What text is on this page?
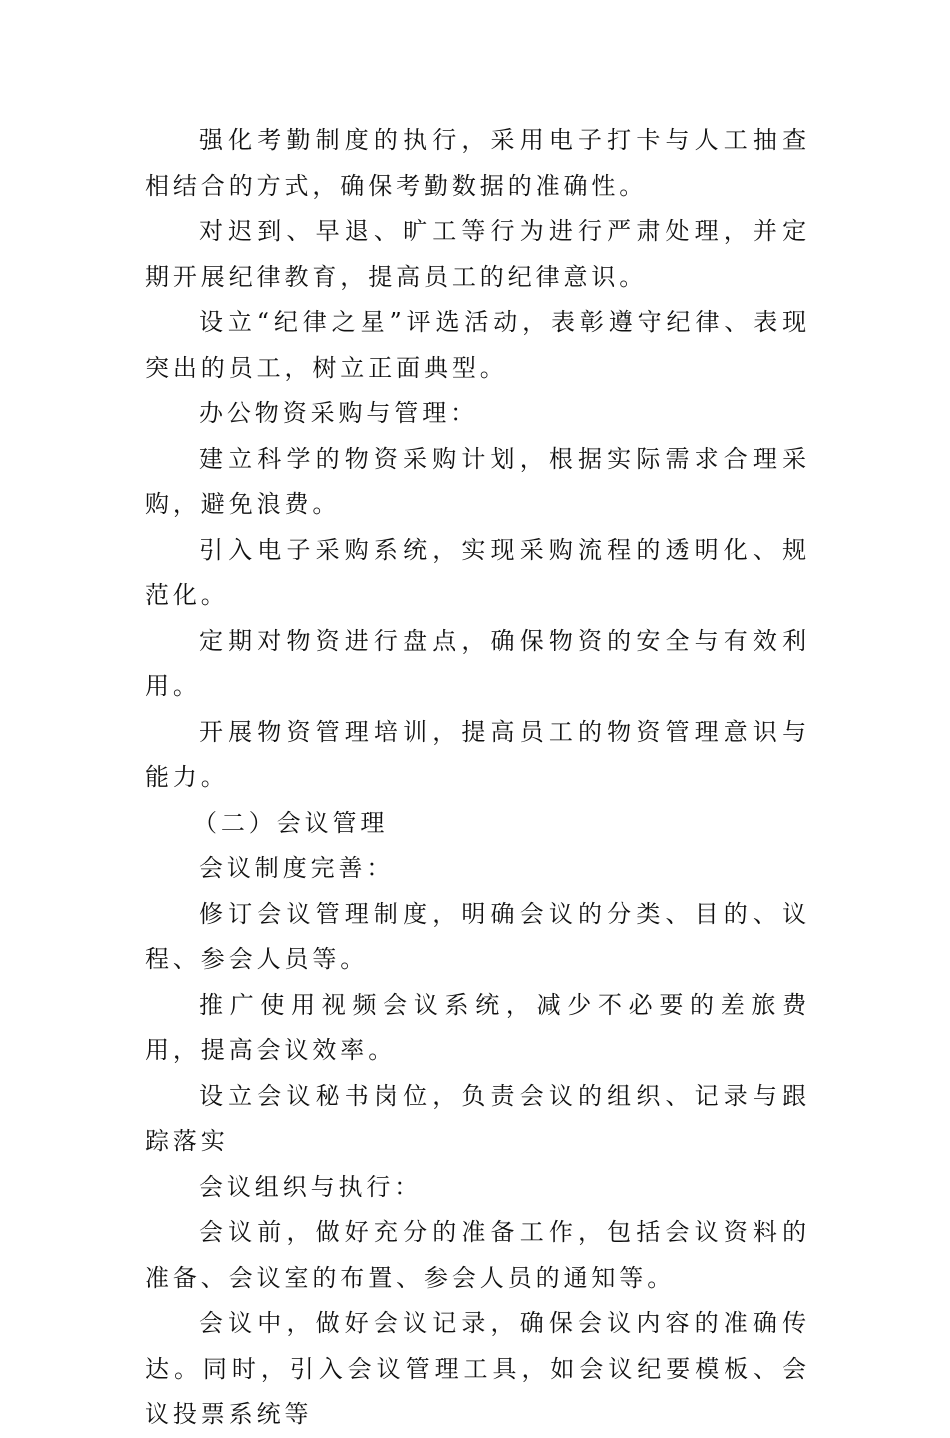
强化考勤制度的执行，采用电子打卡与人工抽查相结合的方式，确保考勤数据的准确性。

对迟到、早退、旷工等行为进行严肃处理，并定期开展纪律教育，提高员工的纪律意识。

设立“纪律之星”评选活动，表彰遵守纪律、表现突出的员工，树立正面典型。

办公物资采购与管理：

建立科学的物资采购计划，根据实际需求合理采购，避免浪费。

引入电子采购系统，实现采购流程的透明化、规范化。

定期对物资进行盘点，确保物资的安全与有效利用。

开展物资管理培训，提高员工的物资管理意识与能力。

（二）会议管理

会议制度完善：

修订会议管理制度，明确会议的分类、目的、议程、参会人员等。

推广使用视频会议系统，减少不必要的差旅费用，提高会议效率。

设立会议秘书岗位，负责会议的组织、记录与跟踪落实

会议组织与执行：

会议前，做好充分的准备工作，包括会议资料的准备、会议室的布置、参会人员的通知等。

会议中，做好会议记录，确保会议内容的准确传达。同时，引入会议管理工具，如会议纪要模板、会议投票系统等
